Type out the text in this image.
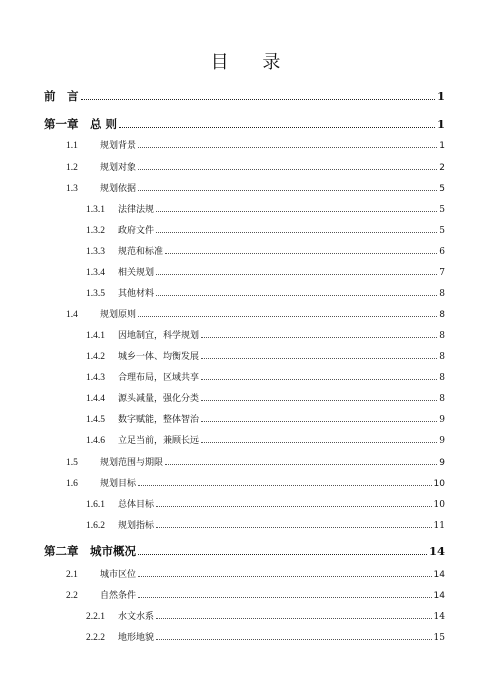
目 录
前　言	1
第一章	总 则	1
1.1	规划背景	1
1.2	规划对象	2
1.3	规划依据	5
1.3.1	法律法规	5
1.3.2	政府文件	5
1.3.3	规范和标准	6
1.3.4	相关规划	7
1.3.5	其他材料	8
1.4	规划原则	8
1.4.1	因地制宜，科学规划	8
1.4.2	城乡一体、均衡发展	8
1.4.3	合理布局，区域共享	8
1.4.4	源头减量，强化分类	8
1.4.5	数字赋能，整体智治	9
1.4.6	立足当前，兼顾长远	9
1.5	规划范围与期限	9
1.6	规划目标	10
1.6.1	总体目标	10
1.6.2	规划指标	11
第二章	城市概况	14
2.1	城市区位	14
2.2	自然条件	14
2.2.1	水文水系	14
2.2.2	地形地貌	15
